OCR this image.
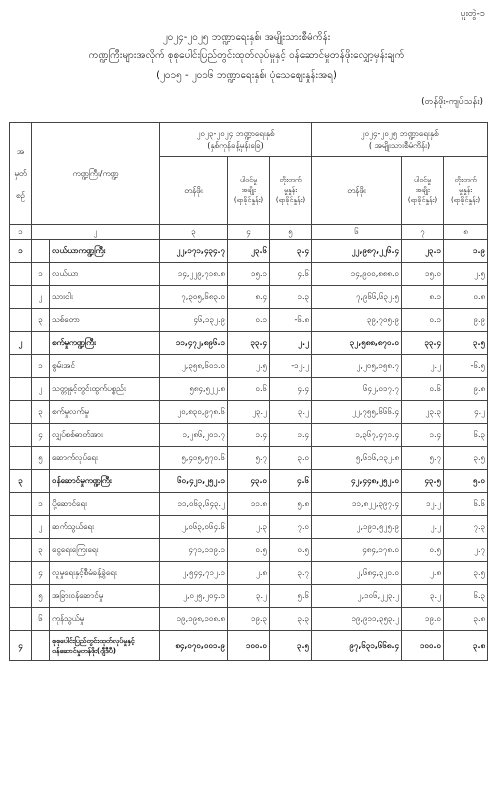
ပူးတွဲ-၁
၂၀၂၄-၂၀၂၅ ဘဏ္ဍာရေးနှစ်၊ အမျိုးသားစီမံကိန်း
ကဏ္ဍကြီးများအလိုက် စုစုပေါင်းပြည်တွင်းထုတ်လုပ်မှုနှင့် ဝန်ဆောင်မှုတန်ဖိုးလျှော့မှန်းချက်
(၂၀၁၅ - ၂၀၁၆ ဘဏ္ဍာရေးနှစ်၊ ပုံသေဈေးနှုန်းအရ)
(တန်ဖိုး-ကျပ်သန်း)
အ
မှတ်
စဉ်	ကဏ္ဍကြီး/ကဏ္ဍ		၂၀၂၃-၂၀၂၄ ဘဏ္ဍာရေးနှစ်
(နှစ်ကုန်ခန့်မှန်းခြေ)			၂၀၂၄-၂၀၂၅ ဘဏ္ဍာရေးနှစ်
( အမျိုးသားစီမံကိန်း)		
			တန်ဖိုး	ပါဝင်မှု
အချိုး
(ရာခိုင်နှုန်း)	တိုးတက်
မှုနှုန်း
(ရာခိုင်နှုန်း)	တန်ဖိုး	ပါဝင်မှု
အချိုး
(ရာခိုင်နှုန်း)	တိုးတက်
မှုနှုန်း
(ရာခိုင်နှုန်း)
၁	၂		၃	၄	၅	၆	၇	၈
၁		လယ်ယာကဏ္ဍကြီး	၂၂,၁၇၁,၄၃၄.၇	၂၃.၆	၃.၄	၂၂,၉၈၇,၂၂၆.၄	၂၃.၁	၁.၉
	၁	လယ်ယာ	၁၄,၂၂၉,၇၁၈.၈	၁၅.၁	၄.၆	၁၄,၉၀၀,၈၈၈.၀	၁၅.၀	၂.၅
	၂	သားငါး	၇,၃၀၅,၆၈၃.၀	၈.၄	၁.၃	၇,၉၆၆,၆၃၂.၅	၈.၁	၀.၈
	၃	သစ်တော	၄၆,၁၃၂.၉	၀.၁	-၆.၈	၃၉,၇၀၅.၉	၀.၁	၉.၉
၂		စက်မှုကဏ္ဍကြီး	၁၁,၄၇၂,၈၉၆.၁	၃၃.၄	၂.၂	၃၂,၅၈၈,၈၇၀.၀	၃၃.၄	၃.၅
	၁	စွမ်းအင်	၂,၃၅၈,၆၀၁.၀	၂.၅	-၁၂.၂	၂,၂၀၅,၁၅၈.၇	၂.၂	-၆.၅
	၂	သတ္တုနှင့်တွင်းထွက်ပစ္စည်း	၅၈၄,၅၂၂.၈	၀.၆	၄.၄	၆၄၂,၀၁၇.၇	၀.၆	၉.၈
	၃	စက်မှုလက်မှု	၂၀,၈၃၀,၉၇၈.၆	၂၃.၂	၃.၂	၂၂,၇၅၅,၆၆၆.၄	၂၃.၃	၄.၂
	၄	လျှပ်စစ်ဓာတ်အား	၁,၂၈၆,၂၀၁.၇	၁.၄	၁.၄	၁,၃၆၇,၄၇၁.၄	၁.၄	၆.၃
	၅	ဆောက်လုပ်ရေး	၅,၄၀၅,၅၇၀.၆	၅.၇	၃.၀	၅,၆၁၆,၁၃၂.၈	၅.၇	၃.၅
၃		ဝန်ဆောင်မှုကဏ္ဍကြီး	၆၀,၄၂၁,၂၅၂.၁	၄၃.၀	၄.၆	၄၂,၄၄၈,၂၅၂.၀	၄၃.၅	၅.၀
	၁	ပို့ဆောင်ရေး	၁၁,၀၆၃,၆၄၃.၂	၁၁.၈	၅.၈	၁၁,၈၂၂,၃၉၇.၄	၁၂.၂	၆.၆
	၂	ဆက်သွယ်ရေး	၂,၀၆၃,၀၆၄.၆	၂.၃	၇.၀	၂,၁၉၁,၅၂၅.၉	၂.၂	၇.၃
	၃	ငွေရေးကြေးရေး	၄၇၁,၁၁၉.၁	၀.၅	၀.၅	၄၈၄,၁၇၈.၀	၀.၅	၂.၇
	၄	လူမှုရေးနှင့်စီမံခန့်ခွဲရေး	၂,၅၄၄,၇၁၂.၁	၂.၈	၃.၇	၂,၆၈၄,၃၂၀.၀	၂.၈	၃.၅
	၅	အခြားဝန်ဆောင်မှု	၂,၀၂၅,၂၀၄.၁	၃.၂	၅.၆	၂,၁၀၆,၂၂၃.၂	၃.၂	၆.၃
	၆	ကုန်သွယ်မှု	၁၉,၁၉၈,၁၀၈.၈	၁၉.၃	၃.၃	၁၉,၉၁၁,၃၅၃.၂	၁၉.၀	၃.၈
၄		စုစုပေါင်းပြည်တွင်းထုတ်လုပ်မှုနှင့်ဝန်ဆောင်မှုတန်ဖိုး(ဂျီဒီပီ)	၈၄,၀၇၀,၀၀၁.၉	၁၀၀.၀	၃.၅	၉၇,၆၃၁,၆၆၈.၄	၁၀၀.၀	၃.၈
